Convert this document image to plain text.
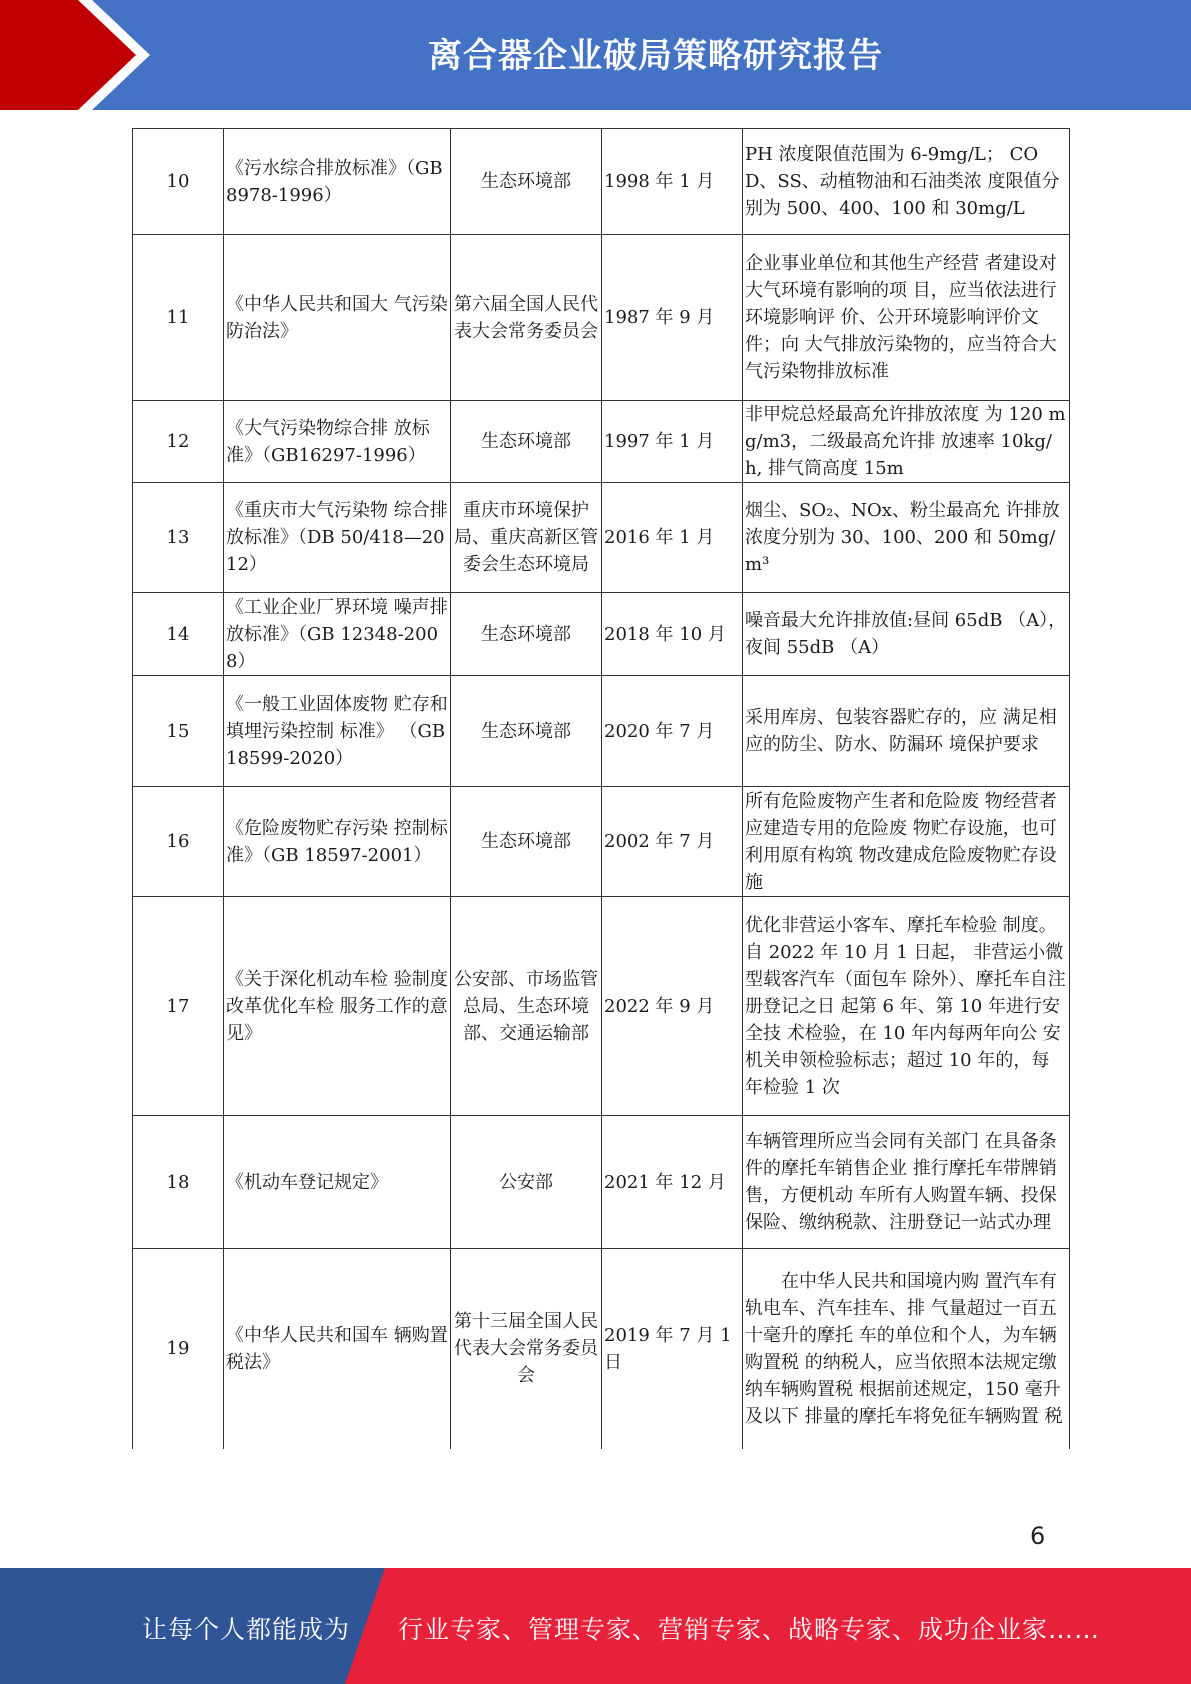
离合器企业破局策略研究报告
10	《污水综合排放标准》（GB 8978-1996）	生态环境部	1998 年 1 月	PH 浓度限值范围为 6-9mg/L； COD、SS、动植物油和石油类浓 度限值分别为 500、400、100 和 30mg/L
11	《中华人民共和国大 气污染防治法》	第六届全国人民代表大会常务委员会	1987 年 9 月	企业事业单位和其他生产经营 者建设对大气环境有影响的项 目，应当依法进行环境影响评 价、公开环境影响评价文件；向 大气排放污染物的，应当符合大 气污染物排放标准
12	《大气污染物综合排 放标准》（GB16297-1996）	生态环境部	1997 年 1 月	非甲烷总烃最高允许排放浓度 为 120 mg/m3，二级最高允许排 放速率 10kg/h, 排气筒高度 15m
13	《重庆市大气污染物 综合排放标准》（DB 50/418—2012）	重庆市环境保护局、重庆高新区管委会生态环境局	2016 年 1 月	烟尘、SO₂、NOx、粉尘最高允 许排放浓度分别为 30、100、200 和 50mg/m³
14	《工业企业厂界环境 噪声排放标准》（GB 12348-2008）	生态环境部	2018 年 10 月	噪音最大允许排放值:昼间 65dB （A），夜间 55dB （A）
15	《一般工业固体废物 贮存和填埋污染控制 标准》 （GB 18599-2020）	生态环境部	2020 年 7 月	采用库房、包装容器贮存的，应 满足相应的防尘、防水、防漏环 境保护要求
16	《危险废物贮存污染 控制标准》（GB 18597-2001）	生态环境部	2002 年 7 月	所有危险废物产生者和危险废 物经营者应建造专用的危险废 物贮存设施，也可利用原有构筑 物改建成危险废物贮存设施
17	《关于深化机动车检 验制度改革优化车检 服务工作的意见》	公安部、市场监管总局、生态环境部、交通运输部	2022 年 9 月	优化非营运小客车、摩托车检验 制度。自 2022 年 10 月 1 日起， 非营运小微型载客汽车（面包车 除外）、摩托车自注册登记之日 起第 6 年、第 10 年进行安全技 术检验，在 10 年内每两年向公 安机关申领检验标志；超过 10 年的，每年检验 1 次
18	《机动车登记规定》	公安部	2021 年 12 月	车辆管理所应当会同有关部门 在具备条件的摩托车销售企业 推行摩托车带牌销售，方便机动 车所有人购置车辆、投保保险、缴纳税款、注册登记一站式办理
19	《中华人民共和国车 辆购置税法》	第十三届全国人民代表大会常务委员会	2019 年 7 月 1 日	　　在中华人民共和国境内购 置汽车有轨电车、汽车挂车、排 气量超过一百五十毫升的摩托 车的单位和个人，为车辆购置税 的纳税人，应当依照本法规定缴 纳车辆购置税 根据前述规定，150 毫升及以下 排量的摩托车将免征车辆购置 税
6
让每个人都能成为 行业专家、管理专家、营销专家、战略专家、成功企业家……
